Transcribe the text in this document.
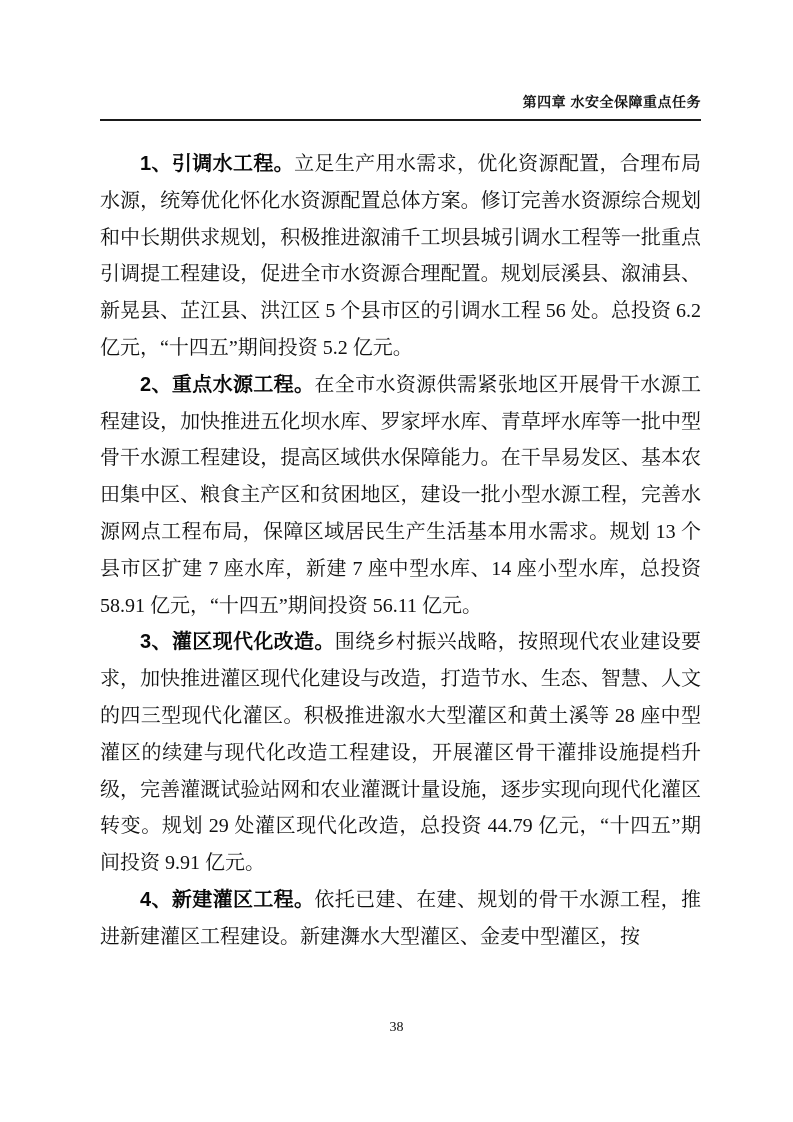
第四章 水安全保障重点任务

1、引调水工程。立足生产用水需求，优化资源配置，合理布局水源，统筹优化怀化水资源配置总体方案。修订完善水资源综合规划和中长期供求规划，积极推进溆浦千工坝县城引调水工程等一批重点引调提工程建设，促进全市水资源合理配置。规划辰溪县、溆浦县、新晃县、芷江县、洪江区 5 个县市区的引调水工程 56 处。总投资 6.2 亿元，“十四五”期间投资 5.2 亿元。

2、重点水源工程。在全市水资源供需紧张地区开展骨干水源工程建设，加快推进五化坝水库、罗家坪水库、青草坪水库等一批中型骨干水源工程建设，提高区域供水保障能力。在干旱易发区、基本农田集中区、粮食主产区和贫困地区，建设一批小型水源工程，完善水源网点工程布局，保障区域居民生产生活基本用水需求。规划 13 个县市区扩建 7 座水库，新建 7 座中型水库、14 座小型水库，总投资 58.91 亿元，“十四五”期间投资 56.11 亿元。

3、灌区现代化改造。围绕乡村振兴战略，按照现代农业建设要求，加快推进灌区现代化建设与改造，打造节水、生态、智慧、人文的四三型现代化灌区。积极推进溆水大型灌区和黄土溪等 28 座中型灌区的续建与现代化改造工程建设，开展灌区骨干灌排设施提档升级，完善灌溉试验站网和农业灌溉计量设施，逐步实现向现代化灌区转变。规划 29 处灌区现代化改造，总投资 44.79 亿元，“十四五”期间投资 9.91 亿元。

4、新建灌区工程。依托已建、在建、规划的骨干水源工程，推进新建灌区工程建设。新建㵲水大型灌区、金麦中型灌区，按

38
